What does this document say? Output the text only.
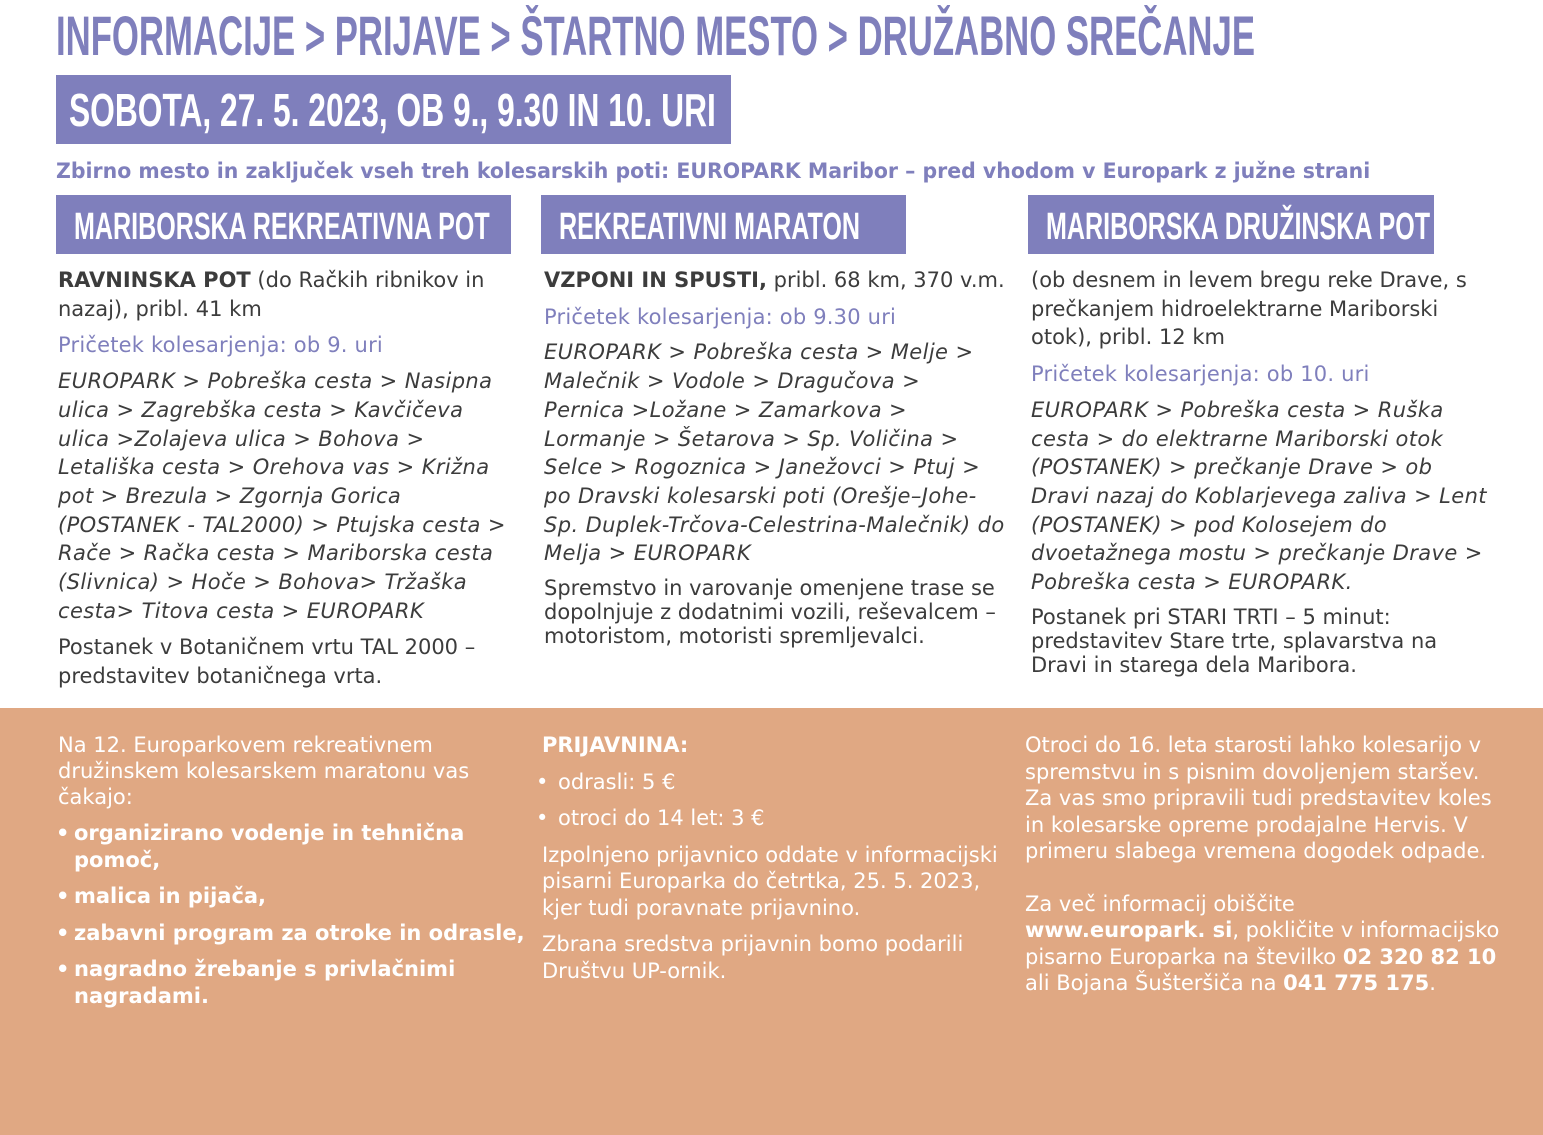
INFORMACIJE > PRIJAVE > ŠTARTNO MESTO > DRUŽABNO SREČANJE
SOBOTA, 27. 5. 2023, OB 9., 9.30 IN 10. URI

Zbirno mesto in zaključek vseh treh kolesarskih poti: EUROPARK Maribor – pred vhodom v Europark z južne strani

MARIBORSKA REKREATIVNA POT REKREATIVNI MARATON	MARIBORSKA DRUŽINSKA POT

RAVNINSKA POT (do Račkih ribnikov in nazaj), pribl. 41 km

Pričetek kolesarjenja: ob 9. uri

EUROPARK > Pobreška cesta > Nasipna ulica > Zagrebška cesta > Kavčičeva ulica >Zolajeva ulica > Bohova > Letališka cesta > Orehova vas > Križna pot > Brezula > Zgornja Gorica (POSTANEK - TAL2000) > Ptujska cesta > Rače > Račka cesta > Mariborska cesta (Slivnica) > Hoče > Bohova> Tržaška cesta> Titova cesta > EUROPARK

Postanek v Botaničnem vrtu TAL 2000 – predstavitev botaničnega vrta.

VZPONI IN SPUSTI, pribl. 68 km, 370 v.m.

Pričetek kolesarjenja: ob 9.30 uri

EUROPARK > Pobreška cesta > Melje > Malečnik > Vodole > Dragučova > Pernica >Ložane > Zamarkova > Lormanje > Šetarova > Sp. Voličina > Selce > Rogoznica > Janežovci > Ptuj > po Dravski kolesarski poti (Orešje–Johe- Sp. Duplek-Trčova-Celestrina-Malečnik) do Melja > EUROPARK

Spremstvo in varovanje omenjene trase se dopolnjuje z dodatnimi vozili, reševalcem – motoristom, motoristi spremljevalci.

(ob desnem in levem bregu reke Drave, s prečkanjem hidroelektrarne Mariborski otok), pribl. 12 km

Pričetek kolesarjenja: ob 10. uri

EUROPARK > Pobreška cesta > Ruška cesta > do elektrarne Mariborski otok (POSTANEK) > prečkanje Drave > ob Dravi nazaj do Koblarjevega zaliva > Lent (POSTANEK) > pod Kolosejem do dvoetažnega mostu > prečkanje Drave > Pobreška cesta > EUROPARK.

Postanek pri STARI TRTI – 5 minut: predstavitev Stare trte, splavarstva na Dravi in starega dela Maribora.

Na 12. Europarkovem rekreativnem družinskem kolesarskem maratonu vas čakajo:

• organizirano vodenje in tehnična pomoč,

• malica in pijača,

• zabavni program za otroke in odrasle,

• nagradno žrebanje s privlačnimi nagradami.

PRIJAVNINA:

• odrasli: 5 €

• otroci do 14 let: 3 €

Izpolnjeno prijavnico oddate v informacijski pisarni Europarka do četrtka, 25. 5. 2023, kjer tudi poravnate prijavnino.

Zbrana sredstva prijavnin bomo podarili Društvu UP-ornik.

Otroci do 16. leta starosti lahko kolesarijo v spremstvu in s pisnim dovoljenjem staršev. Za vas smo pripravili tudi predstavitev koles in kolesarske opreme prodajalne Hervis. V primeru slabega vremena dogodek odpade.

Za več informacij obiščite
www.europark. si, pokličite v informacijsko pisarno Europarka na številko 02 320 82 10 ali Bojana Šušteršiča na 041 775 175.
